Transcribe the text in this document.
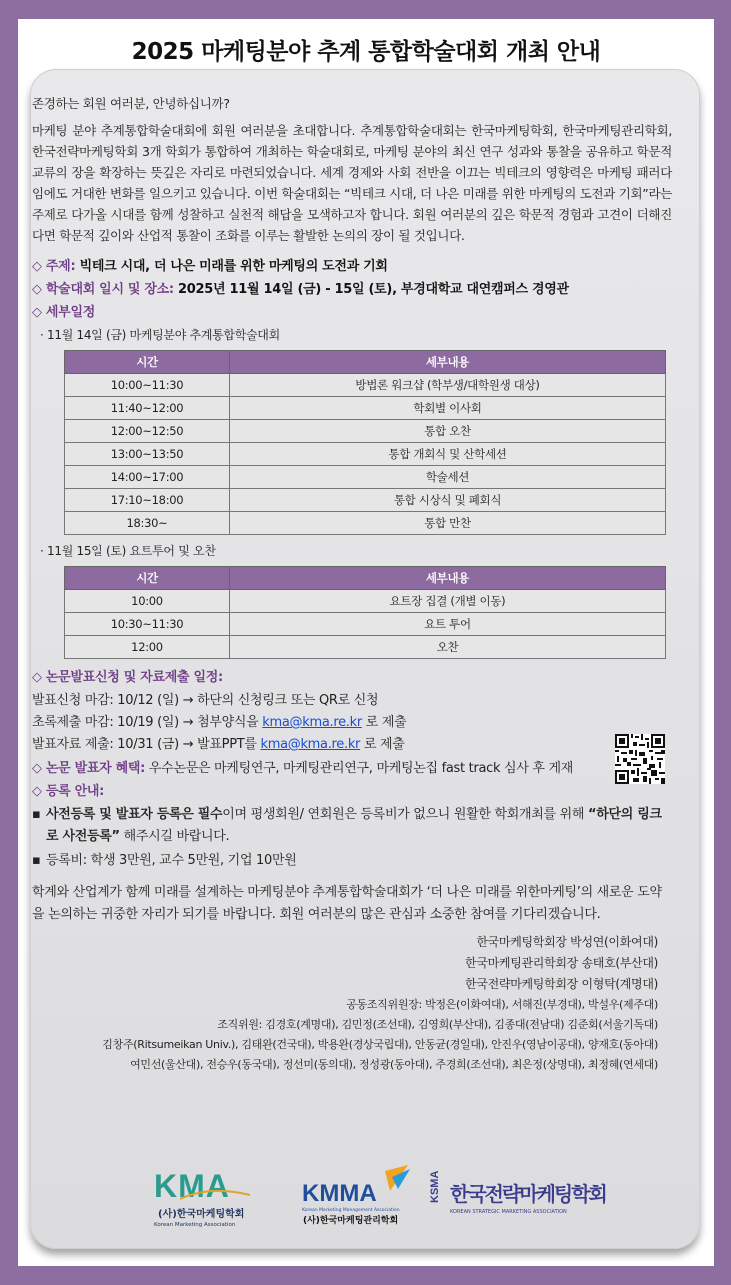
2025 마케팅분야 추계 통합학술대회 개최 안내

존경하는 회원 여러분, 안녕하십니까?

마케팅 분야 추계통합학술대회에 회원 여러분을 초대합니다. 추계통합학술대회는 한국마케팅학회, 한국마케팅관리학회, 한국전략마케팅학회 3개 학회가 통합하여 개최하는 학술대회로, 마케팅 분야의 최신 연구 성과와 통찰을 공유하고 학문적 교류의 장을 확장하는 뜻깊은 자리로 마련되었습니다. 세계 경제와 사회 전반을 이끄는 빅테크의 영향력은 마케팅 패러다임에도 거대한 변화를 일으키고 있습니다. 이번 학술대회는 “빅테크 시대, 더 나은 미래를 위한 마케팅의 도전과 기회”라는 주제로 다가올 시대를 함께 성찰하고 실천적 해답을 모색하고자 합니다. 회원 여러분의 깊은 학문적 경험과 고견이 더해진다면 학문적 깊이와 산업적 통찰이 조화를 이루는 활발한 논의의 장이 될 것입니다.

◇ 주제: 빅테크 시대, 더 나은 미래를 위한 마케팅의 도전과 기회

◇ 학술대회 일시 및 장소: 2025년 11월 14일 (금) - 15일 (토), 부경대학교 대연캠퍼스 경영관

◇ 세부일정

· 11월 14일 (금) 마케팅분야 추계통합학술대회

시간	세부내용
10:00~11:30	방법론 워크샵 (학부생/대학원생 대상)
11:40~12:00	학회별 이사회
12:00~12:50	통합 오찬
13:00~13:50	통합 개회식 및 산학세션
14:00~17:00	학술세션
17:10~18:00	통합 시상식 및 폐회식
18:30~	통합 만찬

· 11월 15일 (토) 요트투어 및 오찬

시간	세부내용
10:00	요트장 집결 (개별 이동)
10:30~11:30	요트 투어
12:00	오찬

◇ 논문발표신청 및 자료제출 일정:

발표신청 마감: 10/12 (일) → 하단의 신청링크 또는 QR로 신청

초록제출 마감: 10/19 (일) → 첨부양식을 kma@kma.re.kr 로 제출

발표자료 제출: 10/31 (금) → 발표PPT를 kma@kma.re.kr 로 제출

◇ 논문 발표자 혜택: 우수논문은 마케팅연구, 마케팅관리연구, 마케팅논집 fast track 심사 후 게재

◇ 등록 안내:

▪ 사전등록 및 발표자 등록은 필수이며 평생회원/ 연회원은 등록비가 없으니 원활한 학회개최를 위해 “하단의 링크로 사전등록” 해주시길 바랍니다.

▪ 등록비: 학생 3만원, 교수 5만원, 기업 10만원

학계와 산업계가 함께 미래를 설계하는 마케팅분야 추계통합학술대회가 ‘더 나은 미래를 위한마케팅’의 새로운 도약을 논의하는 귀중한 자리가 되기를 바랍니다. 회원 여러분의 많은 관심과 소중한 참여를 기다리겠습니다.

한국마케팅학회장 박성연(이화여대)
한국마케팅관리학회장 송태호(부산대)
한국전략마케팅학회장 이형탁(계명대)
공동조직위원장: 박정은(이화여대), 서해진(부경대), 박설우(제주대)
조직위원: 김경호(계명대), 김민정(조선대), 김영희(부산대), 김종대(전남대) 김준회(서울기독대)
김창주(Ritsumeikan Univ.), 김태완(건국대), 박용완(경상국립대), 안동균(경일대), 안진우(영남이공대), 양재호(동아대)
여민선(울산대), 전승우(동국대), 정선미(동의대), 정성광(동아대), 주경희(조선대), 최은정(상명대), 최정혜(연세대)
KMA
(사)한국마케팅학회
Korean Marketing Association
KMMA
Korean Marketing Management Association
(사)한국마케팅관리학회
KSMA 한국전략마케팅학회
KOREAN STRATEGIC MARKETING ASSOCIATION
